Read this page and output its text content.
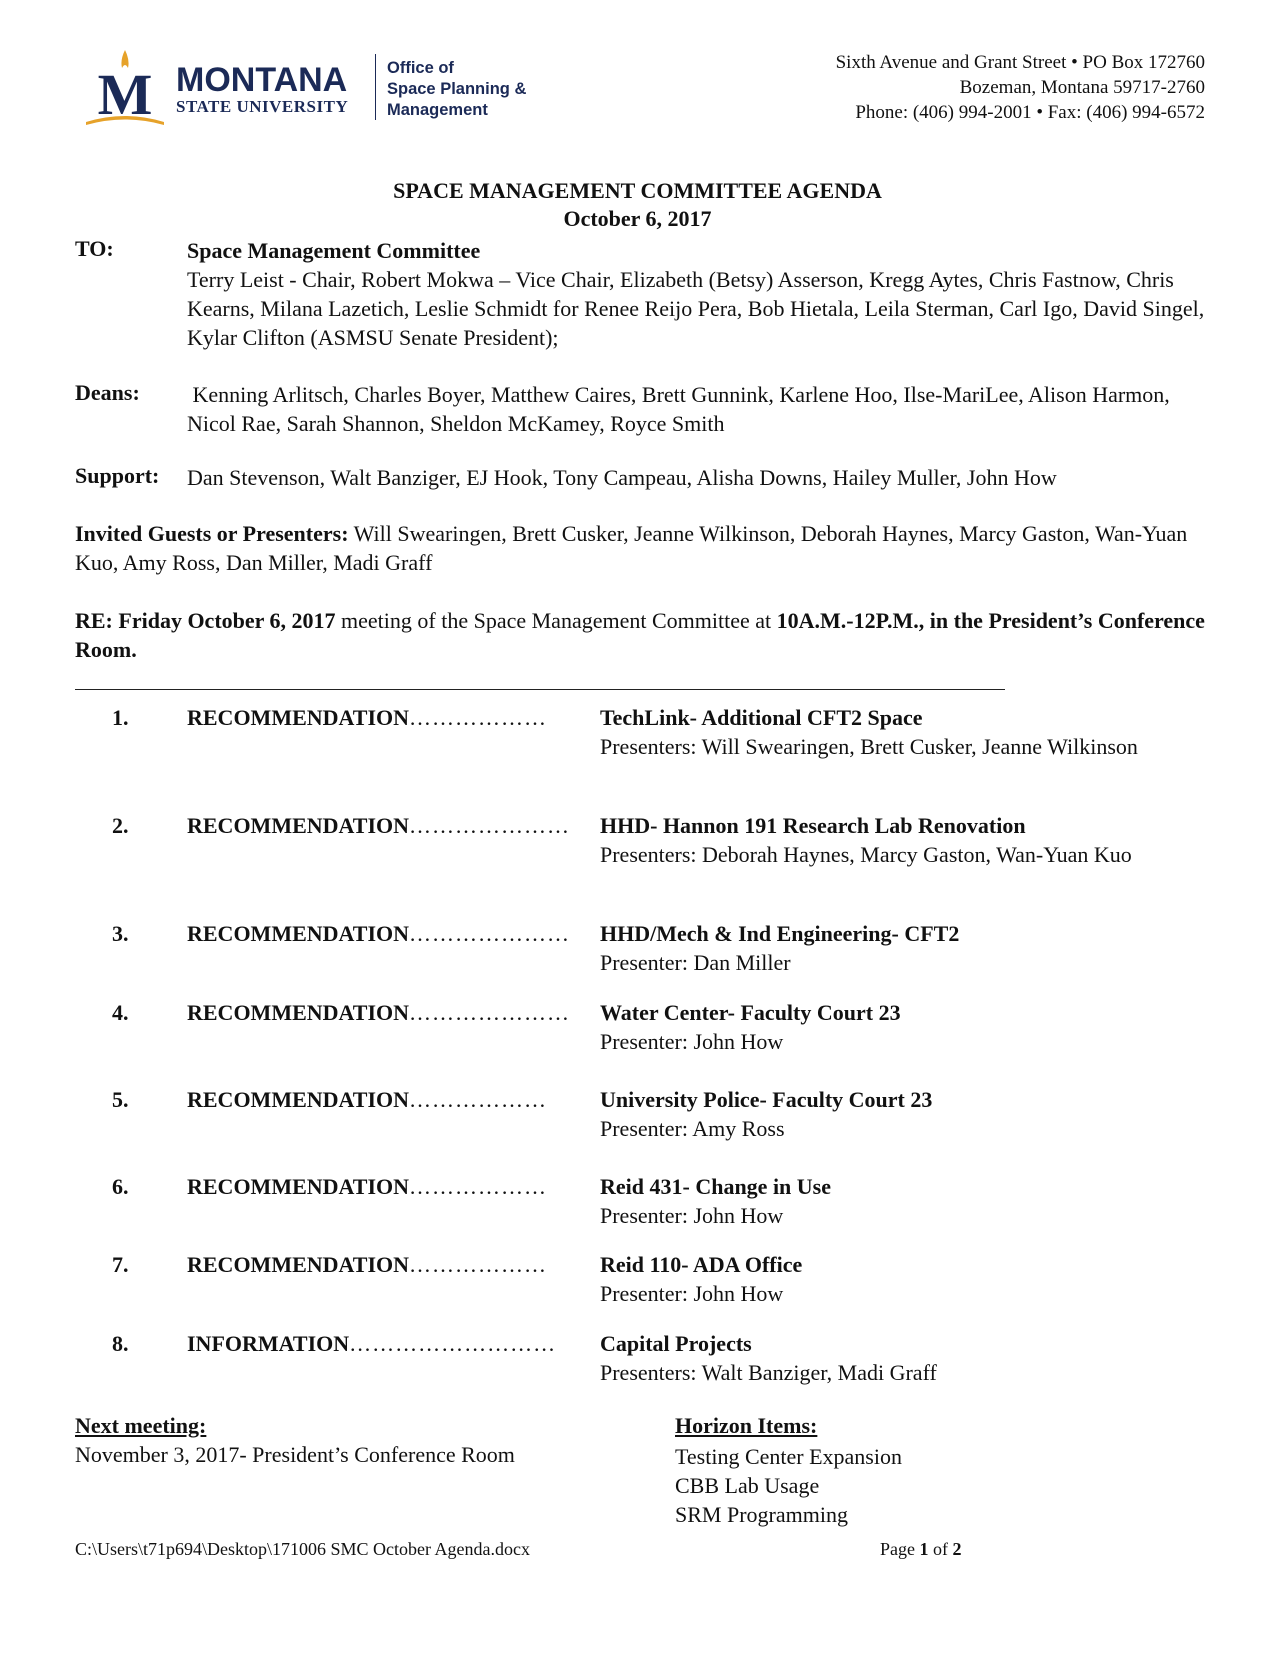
M MONTANA
STATE UNIVERSITY
Office of
Space Planning &
Management
Sixth Avenue and Grant Street • PO Box 172760
Bozeman, Montana 59717-2760
Phone: (406) 994-2001 • Fax: (406) 994-6572
SPACE MANAGEMENT COMMITTEE AGENDA
October 6, 2017
TO:	Space Management Committee
Terry Leist - Chair, Robert Mokwa – Vice Chair, Elizabeth (Betsy) Asserson, Kregg Aytes, Chris Fastnow, Chris Kearns, Milana Lazetich, Leslie Schmidt for Renee Reijo Pera, Bob Hietala, Leila Sterman, Carl Igo, David Singel, Kylar Clifton (ASMSU Senate President);
Deans: Kenning Arlitsch, Charles Boyer, Matthew Caires, Brett Gunnink, Karlene Hoo, Ilse-MariLee, Alison Harmon, Nicol Rae, Sarah Shannon, Sheldon McKamey, Royce Smith
Support: Dan Stevenson, Walt Banziger, EJ Hook, Tony Campeau, Alisha Downs, Hailey Muller, John How
Invited Guests or Presenters: Will Swearingen, Brett Cusker, Jeanne Wilkinson, Deborah Haynes, Marcy Gaston, Wan-Yuan Kuo, Amy Ross, Dan Miller, Madi Graff
RE: Friday October 6, 2017 meeting of the Space Management Committee at 10A.M.-12P.M., in the President’s Conference Room.
1.	RECOMMENDATION……………… TechLink- Additional CFT2 Space
Presenters: Will Swearingen, Brett Cusker, Jeanne Wilkinson
2.	RECOMMENDATION………………… HHD- Hannon 191 Research Lab Renovation
Presenters: Deborah Haynes, Marcy Gaston, Wan-Yuan Kuo
3.	RECOMMENDATION………………… HHD/Mech & Ind Engineering- CFT2
Presenter: Dan Miller
4.	RECOMMENDATION………………… Water Center- Faculty Court 23
Presenter: John How
5.	RECOMMENDATION……………… University Police- Faculty Court 23
Presenter: Amy Ross
6.	RECOMMENDATION……………… Reid 431- Change in Use
Presenter: John How
7.	RECOMMENDATION……………… Reid 110- ADA Office
Presenter: John How
8.	INFORMATION……………………… Capital Projects
Presenters: Walt Banziger, Madi Graff
Next meeting:
November 3, 2017- President’s Conference Room
Horizon Items:
Testing Center Expansion
CBB Lab Usage
SRM Programming
C:\Users\t71p694\Desktop\171006 SMC October Agenda.docx	Page 1 of 2
